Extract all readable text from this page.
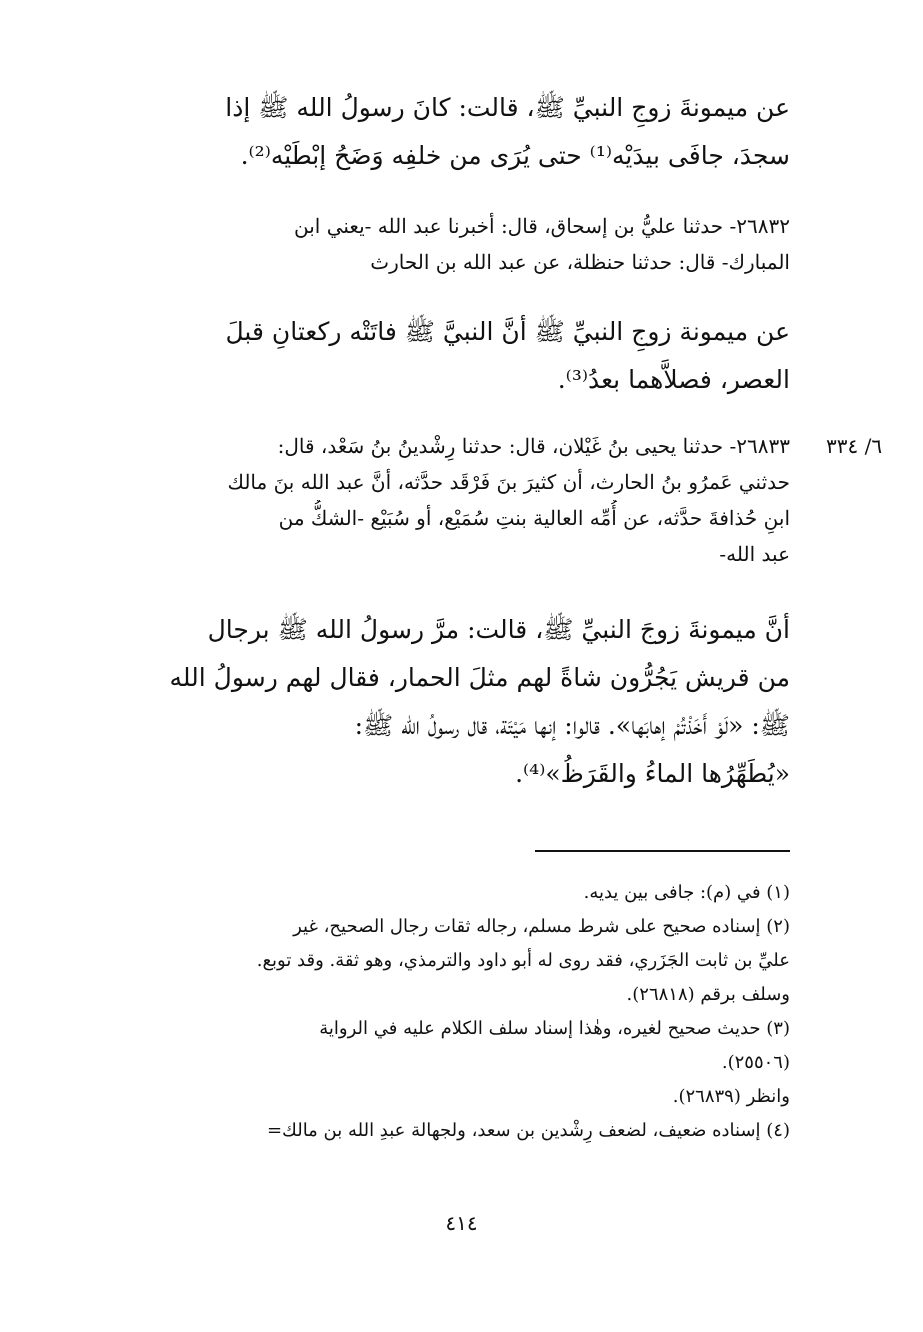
عن ميمونةَ زوجِ النبيِّ ﷺ، قالت: كانَ رسولُ الله ﷺ إذا
سجدَ، جافَى بيدَيْه⁽¹⁾ حتى يُرَى من خلفِه وَضَحُ إبْطَيْه⁽²⁾.
٢٦٨٣٢- حدثنا عليُّ بن إسحاق، قال: أخبرنا عبد الله -يعني ابن
المبارك- قال: حدثنا حنظلة، عن عبد الله بن الحارث
عن ميمونة زوجِ النبيِّ ﷺ أنَّ النبيَّ ﷺ فاتَتْه ركعتانِ قبلَ
العصر، فصلاَّهما بعدُ⁽³⁾.
٦/ ٣٣٤
٢٦٨٣٣- حدثنا يحيى بنُ غَيْلان، قال: حدثنا رِشْدينُ بنُ سَعْد، قال:
حدثني عَمرُو بنُ الحارث، أن كثيرَ بنَ فَرْقَد حدَّثه، أنَّ عبد الله بنَ مالك
ابنِ حُذافةَ حدَّثه، عن أُمِّه العالية بنتِ سُمَيْع، أو سُبَيْع -الشكُّ من
عبد الله-
أنَّ ميمونةَ زوجَ النبيِّ ﷺ، قالت: مرَّ رسولُ الله ﷺ برجال
من قريش يَجُرُّون شاةً لهم مثلَ الحمار، فقال لهم رسولُ الله
ﷺ: «لَوْ أَخَذْتُمْ إهابَها». قالوا: إنها مَيْتَة، قال رسولُ الله ﷺ:
«يُطَهِّرُها الماءُ والقَرَظُ»⁽⁴⁾.
(١) في (م): جافى بين يديه.
(٢) إسناده صحيح على شرط مسلم، رجاله ثقات رجال الصحيح، غير
عليِّ بن ثابت الجَزَري، فقد روى له أبو داود والترمذي، وهو ثقة. وقد توبع.
وسلف برقم (٢٦٨١٨).
(٣) حديث صحيح لغيره، وهٰذا إسناد سلف الكلام عليه في الرواية
(٢٥٥٠٦).
وانظر (٢٦٨٣٩).
(٤) إسناده ضعيف، لضعف رِشْدين بن سعد، ولجهالة عبدِ الله بن مالك=
٤١٤
